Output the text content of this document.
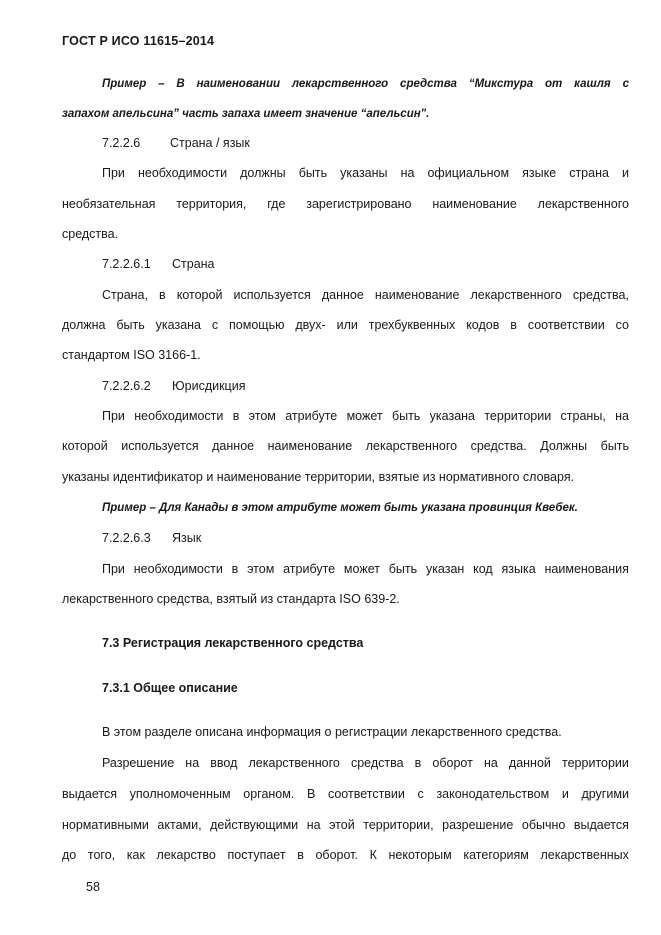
ГОСТ Р ИСО 11615–2014
Пример – В наименовании лекарственного средства “Микстура от кашля с
запахом апельсина” часть запаха имеет значение “апельсин".
7.2.2.6 Страна / язык
При необходимости должны быть указаны на официальном языке страна и
необязательная территория, где зарегистрировано наименование лекарственного
средства.
7.2.2.6.1 Страна
Страна, в которой используется данное наименование лекарственного средства,
должна быть указана с помощью двух- или трехбуквенных кодов в соответствии со
стандартом ISO 3166-1.
7.2.2.6.2 Юрисдикция
При необходимости в этом атрибуте может быть указана территории страны, на
которой используется данное наименование лекарственного средства. Должны быть
указаны идентификатор и наименование территории, взятые из нормативного словаря.
Пример – Для Канады в этом атрибуте может быть указана провинция Квебек.
7.2.2.6.3 Язык
При необходимости в этом атрибуте может быть указан код языка наименования
лекарственного средства, взятый из стандарта ISO 639-2.
7.3 Регистрация лекарственного средства
7.3.1 Общее описание
В этом разделе описана информация о регистрации лекарственного средства.
Разрешение на ввод лекарственного средства в оборот на данной территории
выдается уполномоченным органом. В соответствии с законодательством и другими
нормативными актами, действующими на этой территории, разрешение обычно выдается
до того, как лекарство поступает в оборот. К некоторым категориям лекарственных
58
